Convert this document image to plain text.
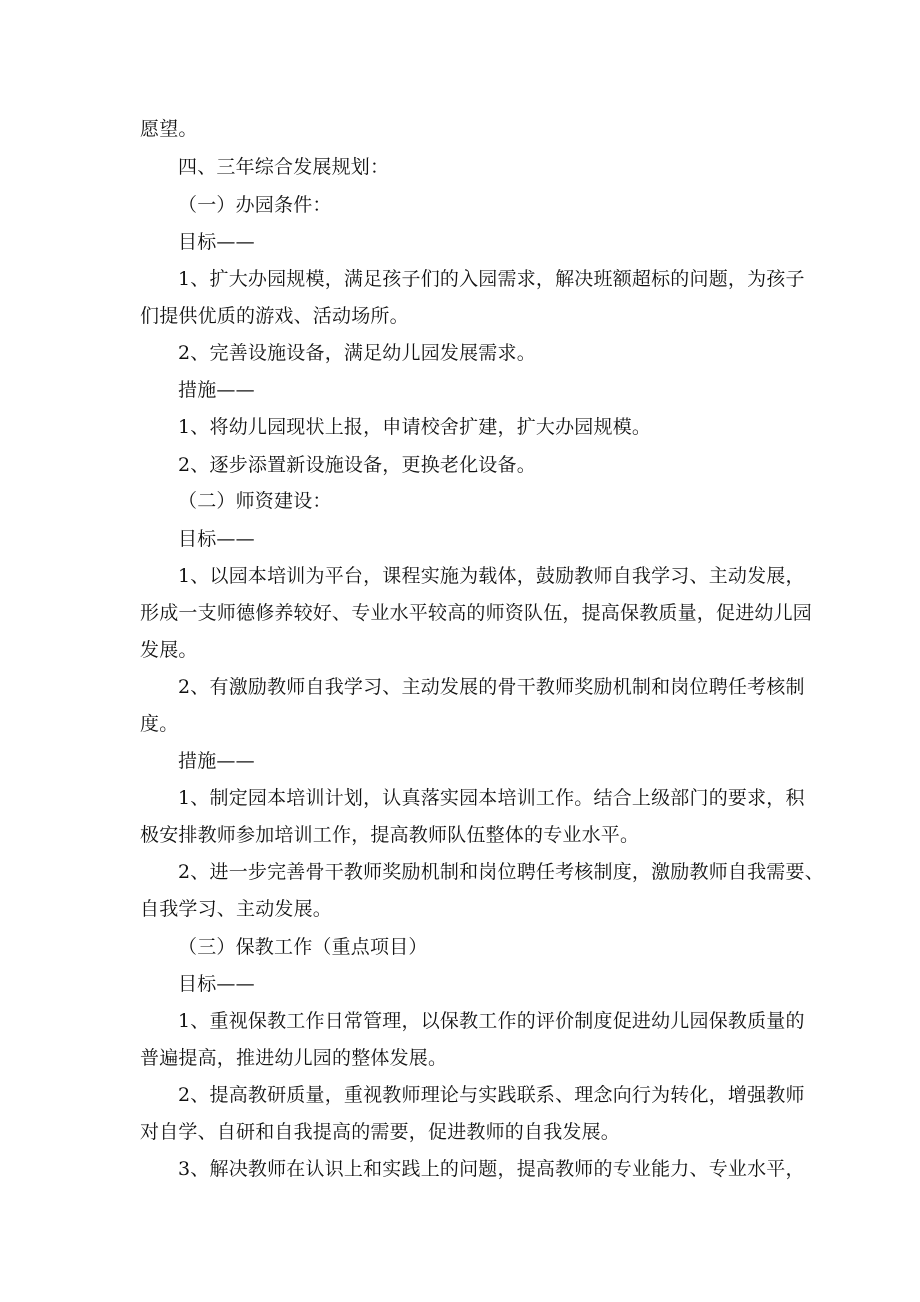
愿望。
四、三年综合发展规划：
（一）办园条件：
目标——
1、扩大办园规模，满足孩子们的入园需求，解决班额超标的问题，为孩子
们提供优质的游戏、活动场所。
2、完善设施设备，满足幼儿园发展需求。
措施——
1、将幼儿园现状上报，申请校舍扩建，扩大办园规模。
2、逐步添置新设施设备，更换老化设备。
（二）师资建设：
目标——
1、以园本培训为平台，课程实施为载体，鼓励教师自我学习、主动发展，
形成一支师德修养较好、专业水平较高的师资队伍，提高保教质量，促进幼儿园
发展。
2、有激励教师自我学习、主动发展的骨干教师奖励机制和岗位聘任考核制
度。
措施——
1、制定园本培训计划，认真落实园本培训工作。结合上级部门的要求，积
极安排教师参加培训工作，提高教师队伍整体的专业水平。
2、进一步完善骨干教师奖励机制和岗位聘任考核制度，激励教师自我需要、
自我学习、主动发展。
（三）保教工作（重点项目）
目标——
1、重视保教工作日常管理，以保教工作的评价制度促进幼儿园保教质量的
普遍提高，推进幼儿园的整体发展。
2、提高教研质量，重视教师理论与实践联系、理念向行为转化，增强教师
对自学、自研和自我提高的需要，促进教师的自我发展。
3、解决教师在认识上和实践上的问题，提高教师的专业能力、专业水平，
